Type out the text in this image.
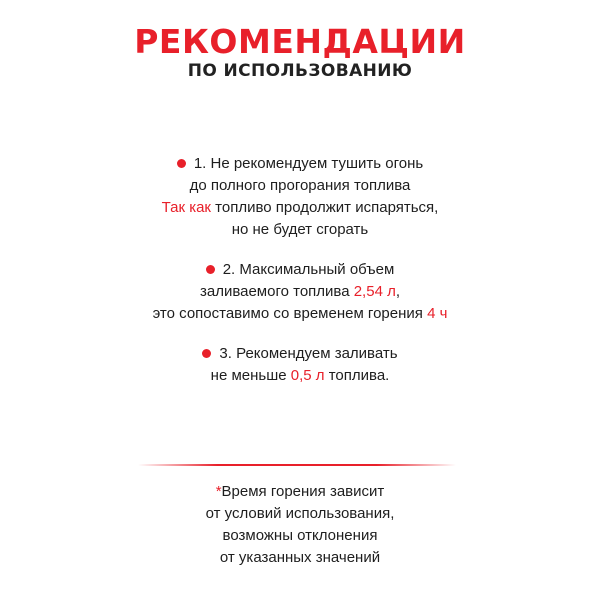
РЕКОМЕНДАЦИИ
ПО ИСПОЛЬЗОВАНИЮ
1. Не рекомендуем тушить огонь
до полного прогорания топлива
Так как топливо продолжит испаряться,
но не будет сгорать
2. Максимальный объем
заливаемого топлива 2,54 л,
это сопоставимо со временем горения 4 ч
3. Рекомендуем заливать
не меньше 0,5 л топлива.
*Время горения зависит
от условий использования,
возможны отклонения
от указанных значений
